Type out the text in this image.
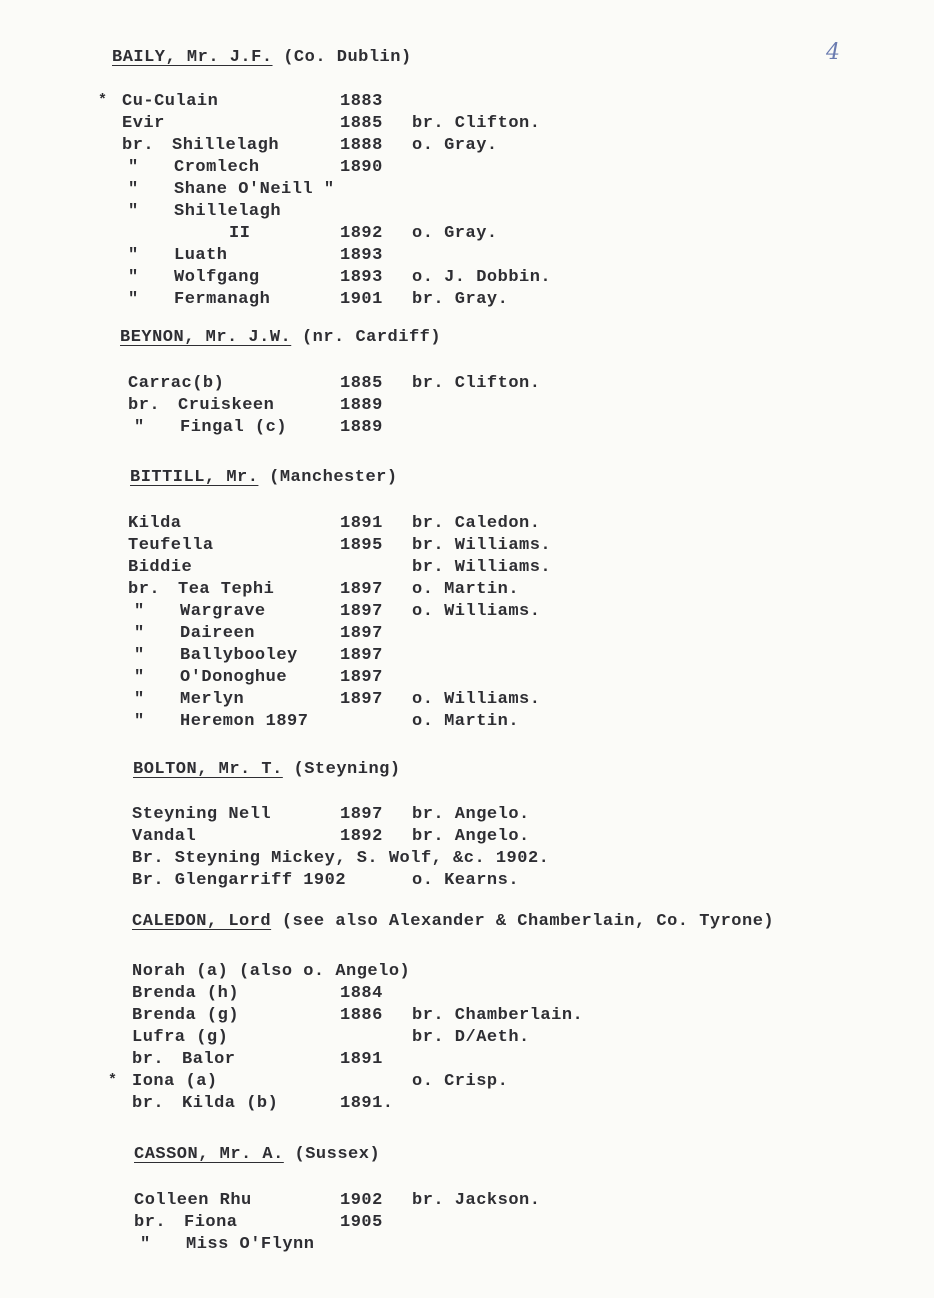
4
BAILY, Mr. J.F. (Co. Dublin)
* Cu-Culain	1883
Evir	1885 br. Clifton.
br. Shillelagh	1888 o. Gray.
" Cromlech	1890
" Shane O'Neill "
" Shillelagh
II	1892 o. Gray.
" Luath	1893
" Wolfgang	1893 o. J. Dobbin.
" Fermanagh	1901 br. Gray.
BEYNON, Mr. J.W. (nr. Cardiff)
Carrac(b)	1885 br. Clifton.
br. Cruiskeen	1889
" Fingal (c)	1889
BITTILL, Mr. (Manchester)
Kilda	1891 br. Caledon.
Teufella	1895 br. Williams.
Biddie	br. Williams.
br. Tea Tephi	1897 o. Martin.
" Wargrave	1897 o. Williams.
" Daireen	1897
" Ballybooley 1897
" O'Donoghue	1897
" Merlyn	1897 o. Williams.
" Heremon 1897	o. Martin.
BOLTON, Mr. T. (Steyning)
Steyning Nell	1897 br. Angelo.
Vandal	1892 br. Angelo.
Br. Steyning Mickey, S. Wolf, &c. 1902.
Br. Glengarriff 1902	o. Kearns.
CALEDON, Lord (see also Alexander & Chamberlain, Co. Tyrone)
Norah (a) (also o. Angelo)
Brenda (h)	1884
Brenda (g)	1886 br. Chamberlain.
Lufra (g)	br. D/Aeth.
br. Balor	1891
* Iona (a)	o. Crisp.
br. Kilda (b)	1891.
CASSON, Mr. A. (Sussex)
Colleen Rhu	1902 br. Jackson.
br. Fiona	1905
" Miss O'Flynn
